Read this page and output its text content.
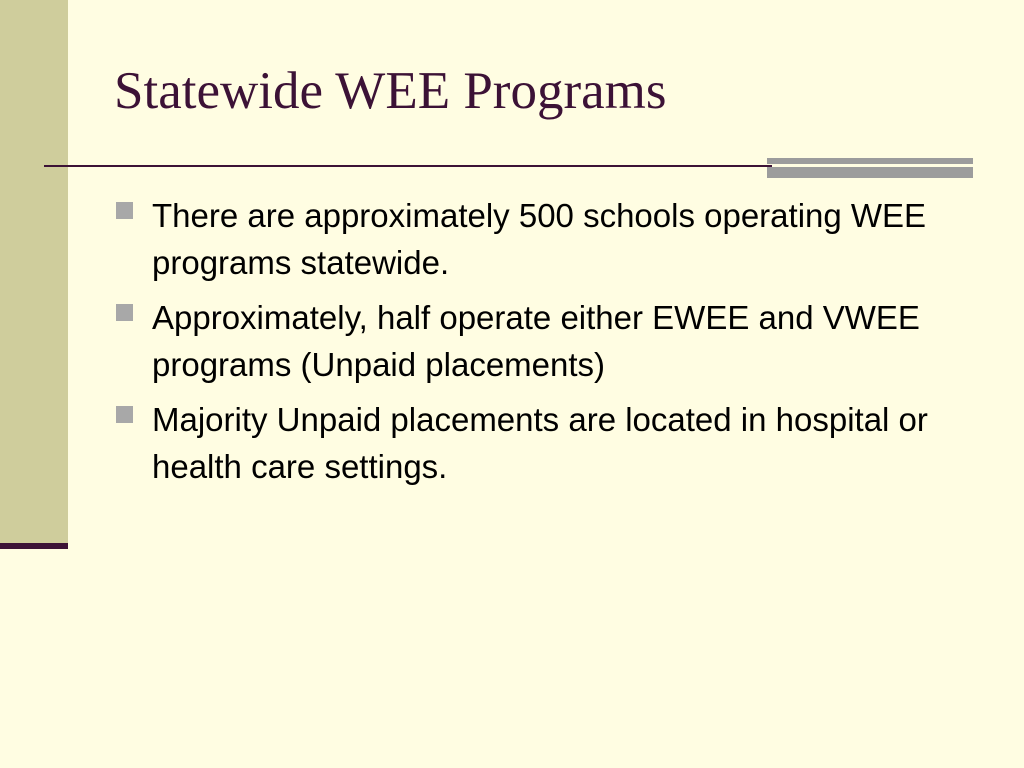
Statewide WEE Programs
There are approximately 500 schools operating WEE programs statewide.
Approximately, half operate either EWEE and VWEE programs (Unpaid placements)
Majority Unpaid placements are located in hospital or health care settings.
